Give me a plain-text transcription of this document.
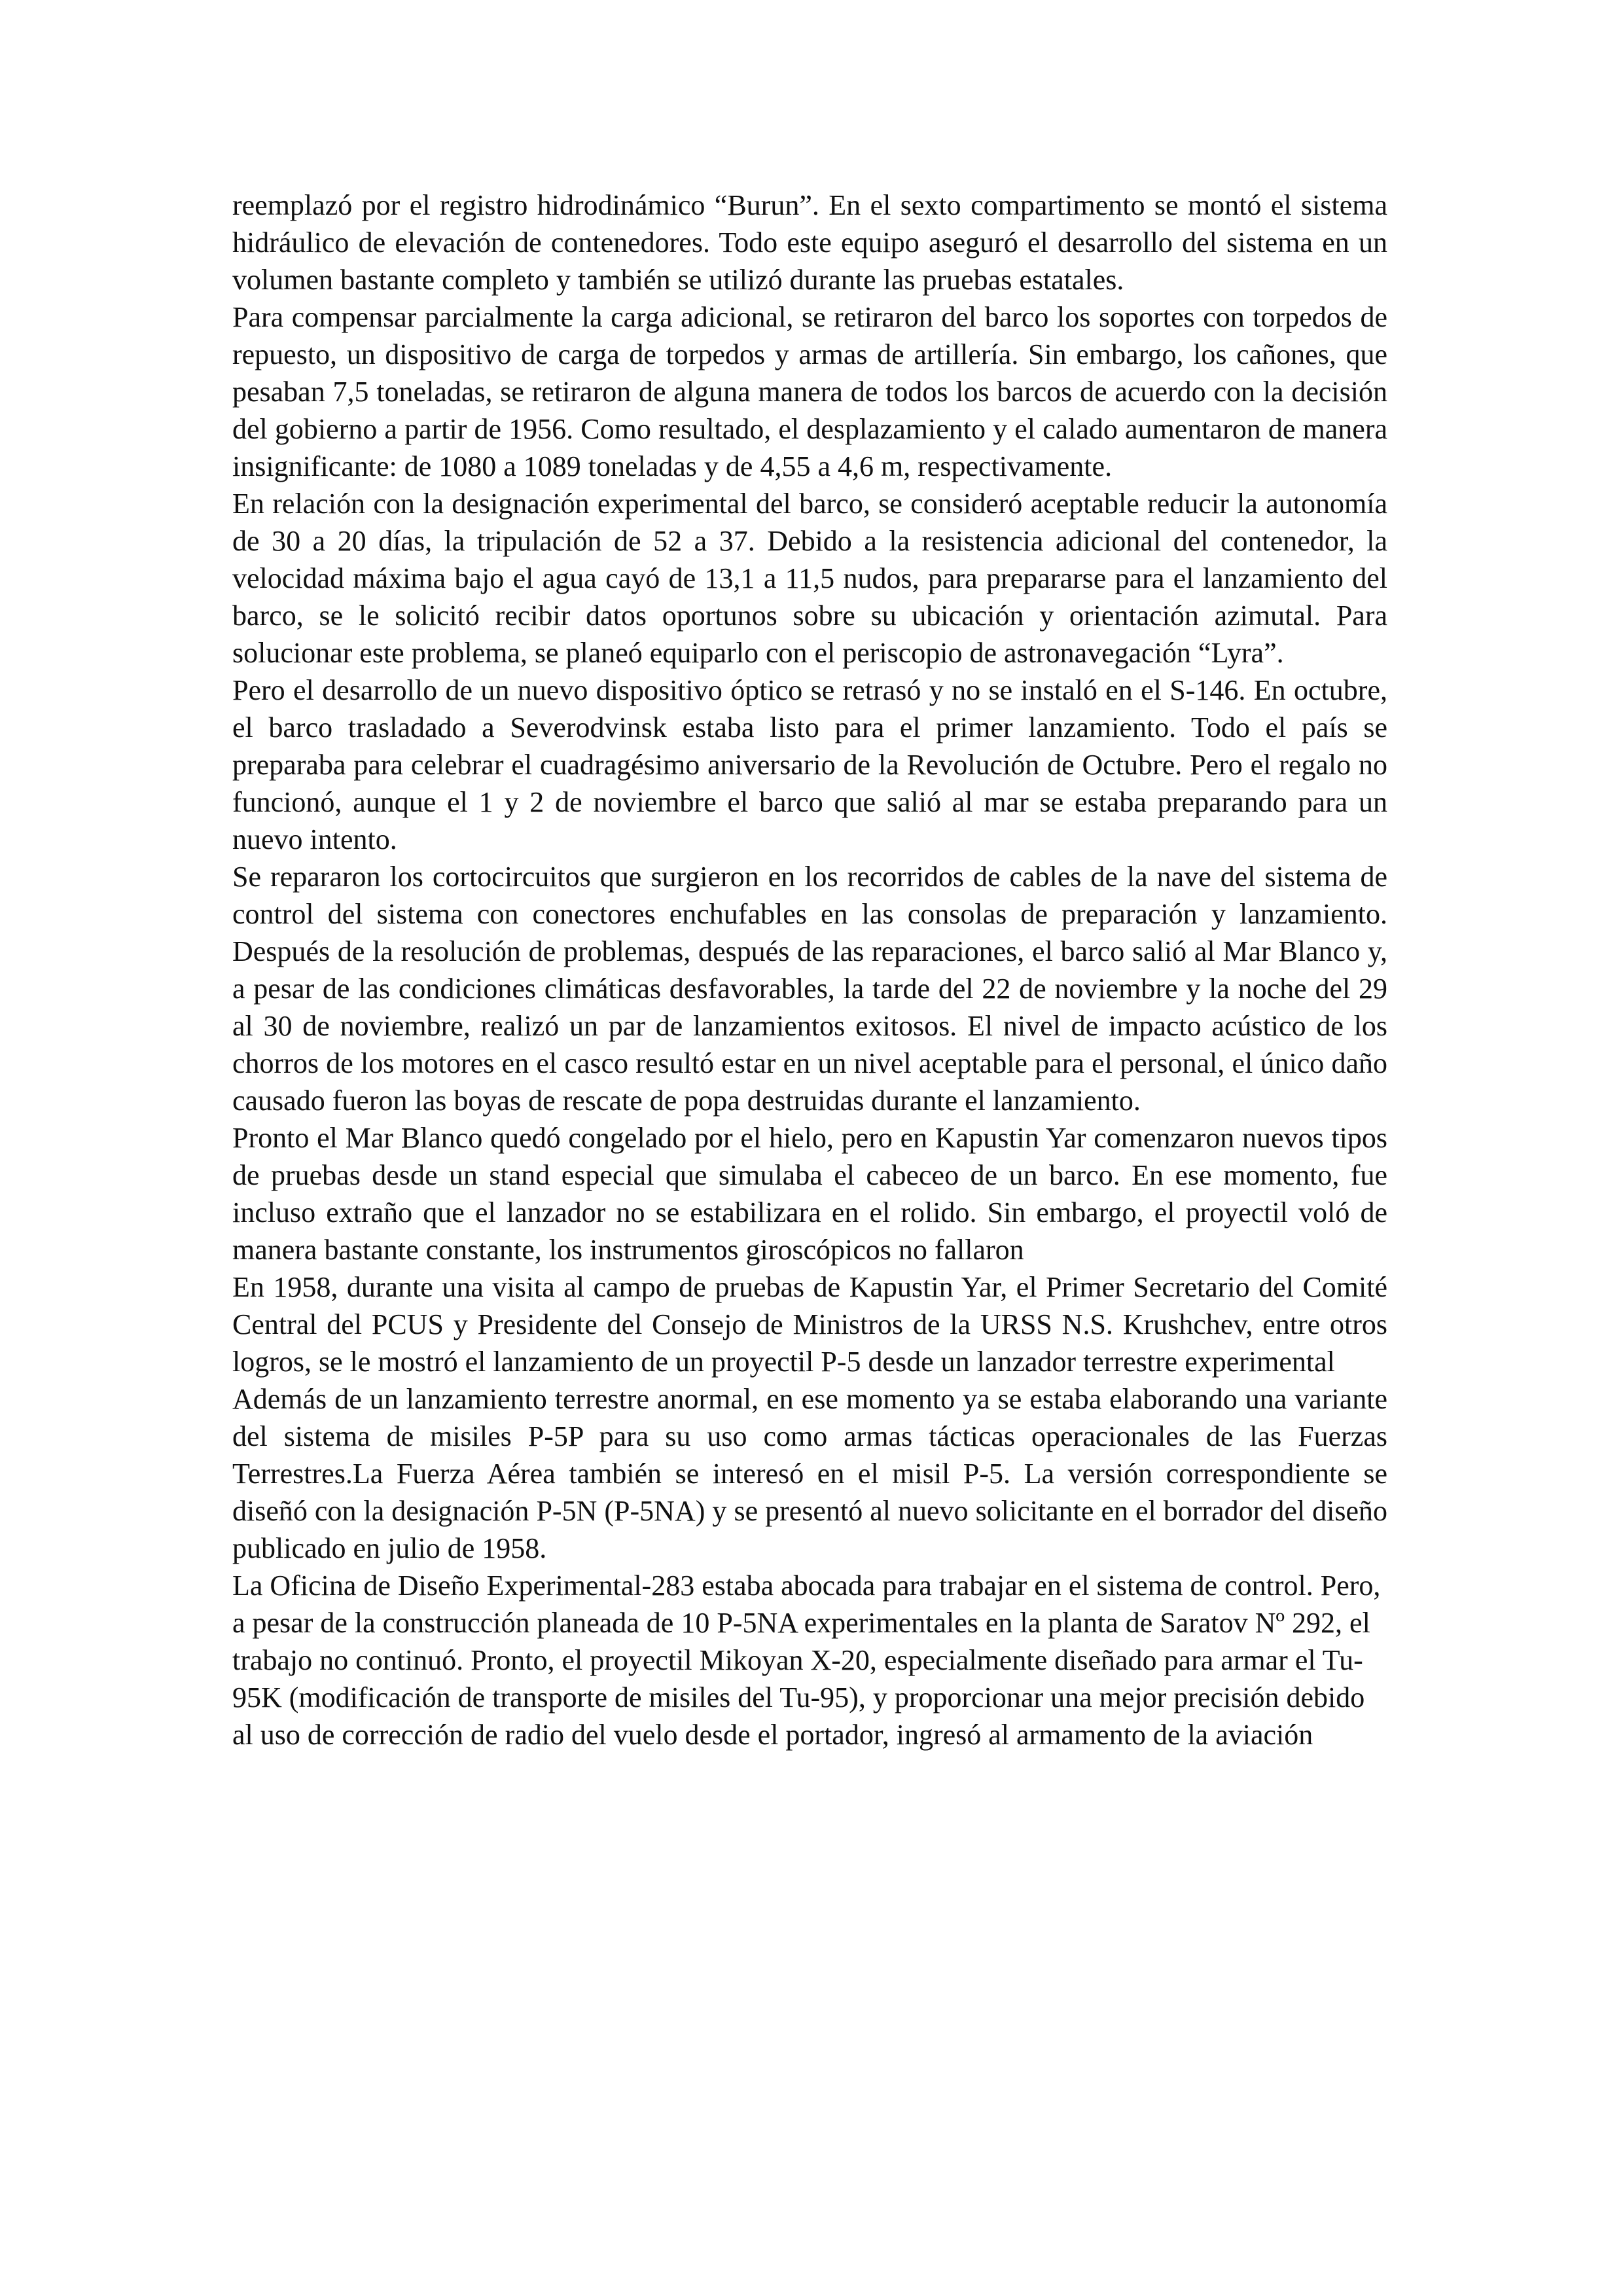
reemplazó por el registro hidrodinámico “Burun”. En el sexto compartimento se montó el sistema hidráulico de elevación de contenedores. Todo este equipo aseguró el desarrollo del sistema en un volumen bastante completo y también se utilizó durante las pruebas estatales.

Para compensar parcialmente la carga adicional, se retiraron del barco los soportes con torpedos de repuesto, un dispositivo de carga de torpedos y armas de artillería. Sin embargo, los cañones, que pesaban 7,5 toneladas, se retiraron de alguna manera de todos los barcos de acuerdo con la decisión del gobierno a partir de 1956. Como resultado, el desplazamiento y el calado aumentaron de manera insignificante: de 1080 a 1089 toneladas y de 4,55 a 4,6 m, respectivamente.

En relación con la designación experimental del barco, se consideró aceptable reducir la autonomía de 30 a 20 días, la tripulación de 52 a 37. Debido a la resistencia adicional del contenedor, la velocidad máxima bajo el agua cayó de 13,1 a 11,5 nudos, para prepararse para el lanzamiento del barco, se le solicitó recibir datos oportunos sobre su ubicación y orientación azimutal. Para solucionar este problema, se planeó equiparlo con el periscopio de astronavegación “Lyra”.

Pero el desarrollo de un nuevo dispositivo óptico se retrasó y no se instaló en el S-146. En octubre, el barco trasladado a Severodvinsk estaba listo para el primer lanzamiento. Todo el país se preparaba para celebrar el cuadragésimo aniversario de la Revolución de Octubre. Pero el regalo no funcionó, aunque el 1 y 2 de noviembre el barco que salió al mar se estaba preparando para un nuevo intento.

Se repararon los cortocircuitos que surgieron en los recorridos de cables de la nave del sistema de control del sistema con conectores enchufables en las consolas de preparación y lanzamiento. Después de la resolución de problemas, después de las reparaciones, el barco salió al Mar Blanco y, a pesar de las condiciones climáticas desfavorables, la tarde del 22 de noviembre y la noche del 29 al 30 de noviembre, realizó un par de lanzamientos exitosos. El nivel de impacto acústico de los chorros de los motores en el casco resultó estar en un nivel aceptable para el personal, el único daño causado fueron las boyas de rescate de popa destruidas durante el lanzamiento.

Pronto el Mar Blanco quedó congelado por el hielo, pero en Kapustin Yar comenzaron nuevos tipos de pruebas desde un stand especial que simulaba el cabeceo de un barco. En ese momento, fue incluso extraño que el lanzador no se estabilizara en el rolido. Sin embargo, el proyectil voló de manera bastante constante, los instrumentos giroscópicos no fallaron

En 1958, durante una visita al campo de pruebas de Kapustin Yar, el Primer Secretario del Comité Central del PCUS y Presidente del Consejo de Ministros de la URSS N.S. Krushchev, entre otros logros, se le mostró el lanzamiento de un proyectil P-5 desde un lanzador terrestre experimental

Además de un lanzamiento terrestre anormal, en ese momento ya se estaba elaborando una variante del sistema de misiles P-5P para su uso como armas tácticas operacionales de las Fuerzas Terrestres.La Fuerza Aérea también se interesó en el misil P-5. La versión correspondiente se diseñó con la designación P-5N (P-5NA) y se presentó al nuevo solicitante en el borrador del diseño publicado en julio de 1958.

La Oficina de Diseño Experimental-283 estaba abocada para trabajar en el sistema de control. Pero, a pesar de la construcción planeada de 10 P-5NA experimentales en la planta de Saratov Nº 292, el trabajo no continuó. Pronto, el proyectil Mikoyan X-20, especialmente diseñado para armar el Tu-95K (modificación de transporte de misiles del Tu-95), y proporcionar una mejor precisión debido al uso de corrección de radio del vuelo desde el portador, ingresó al armamento de la aviación
